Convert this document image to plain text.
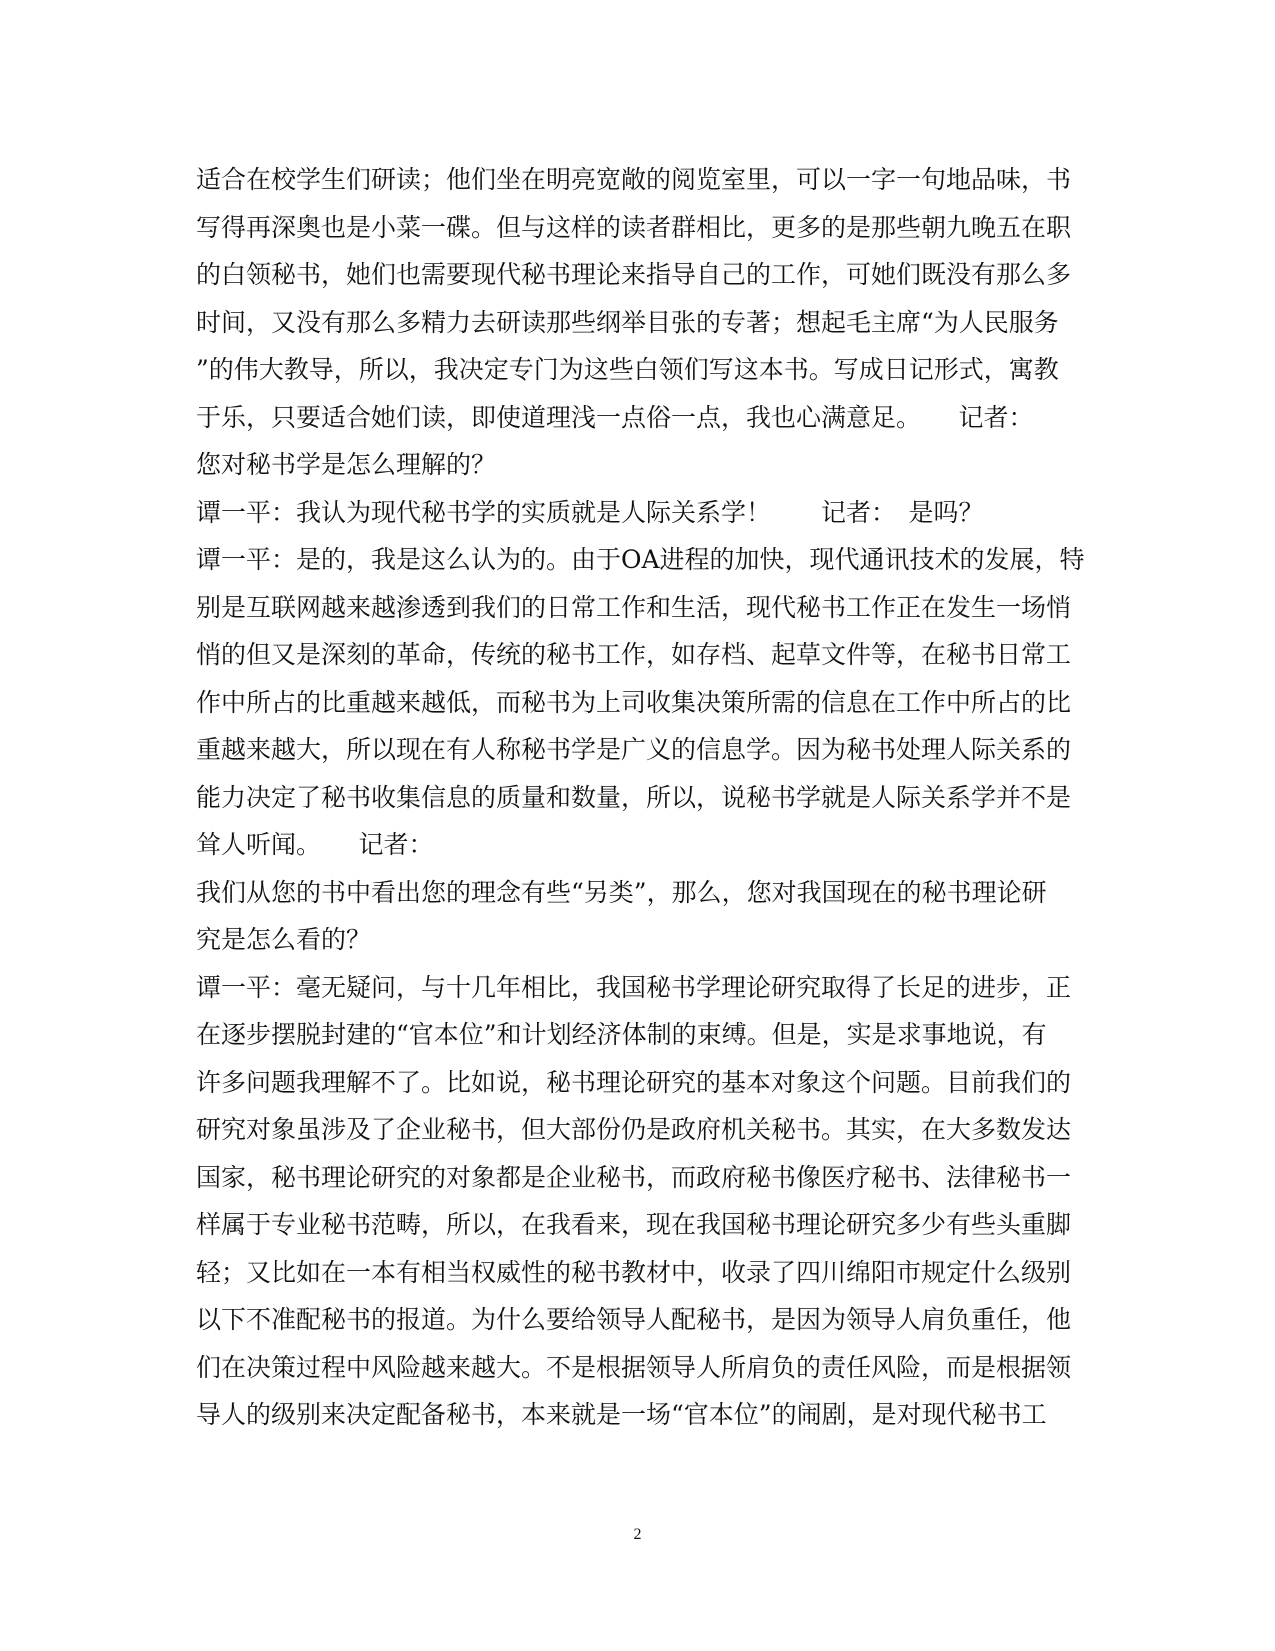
适合在校学生们研读；他们坐在明亮宽敞的阅览室里，可以一字一句地品味，书
写得再深奥也是小菜一碟。但与这样的读者群相比，更多的是那些朝九晚五在职
的白领秘书，她们也需要现代秘书理论来指导自己的工作，可她们既没有那么多
时间，又没有那么多精力去研读那些纲举目张的专著；想起毛主席“为人民服务
”的伟大教导，所以，我决定专门为这些白领们写这本书。写成日记形式，寓教
于乐，只要适合她们读，即使道理浅一点俗一点，我也心满意足。　　记者：
您对秘书学是怎么理解的？
谭一平：我认为现代秘书学的实质就是人际关系学！　　记者：　是吗？
谭一平：是的，我是这么认为的。由于OA进程的加快，现代通讯技术的发展，特
别是互联网越来越渗透到我们的日常工作和生活，现代秘书工作正在发生一场悄
悄的但又是深刻的革命，传统的秘书工作，如存档、起草文件等，在秘书日常工
作中所占的比重越来越低，而秘书为上司收集决策所需的信息在工作中所占的比
重越来越大，所以现在有人称秘书学是广义的信息学。因为秘书处理人际关系的
能力决定了秘书收集信息的质量和数量，所以，说秘书学就是人际关系学并不是
耸人听闻。　　记者：
我们从您的书中看出您的理念有些“另类”，那么，您对我国现在的秘书理论研
究是怎么看的？
谭一平：毫无疑问，与十几年相比，我国秘书学理论研究取得了长足的进步，正
在逐步摆脱封建的“官本位”和计划经济体制的束缚。但是，实是求事地说，有
许多问题我理解不了。比如说，秘书理论研究的基本对象这个问题。目前我们的
研究对象虽涉及了企业秘书，但大部份仍是政府机关秘书。其实，在大多数发达
国家，秘书理论研究的对象都是企业秘书，而政府秘书像医疗秘书、法律秘书一
样属于专业秘书范畴，所以，在我看来，现在我国秘书理论研究多少有些头重脚
轻；又比如在一本有相当权威性的秘书教材中，收录了四川绵阳市规定什么级别
以下不准配秘书的报道。为什么要给领导人配秘书，是因为领导人肩负重任，他
们在决策过程中风险越来越大。不是根据领导人所肩负的责任风险，而是根据领
导人的级别来决定配备秘书，本来就是一场“官本位”的闹剧，是对现代秘书工
2
